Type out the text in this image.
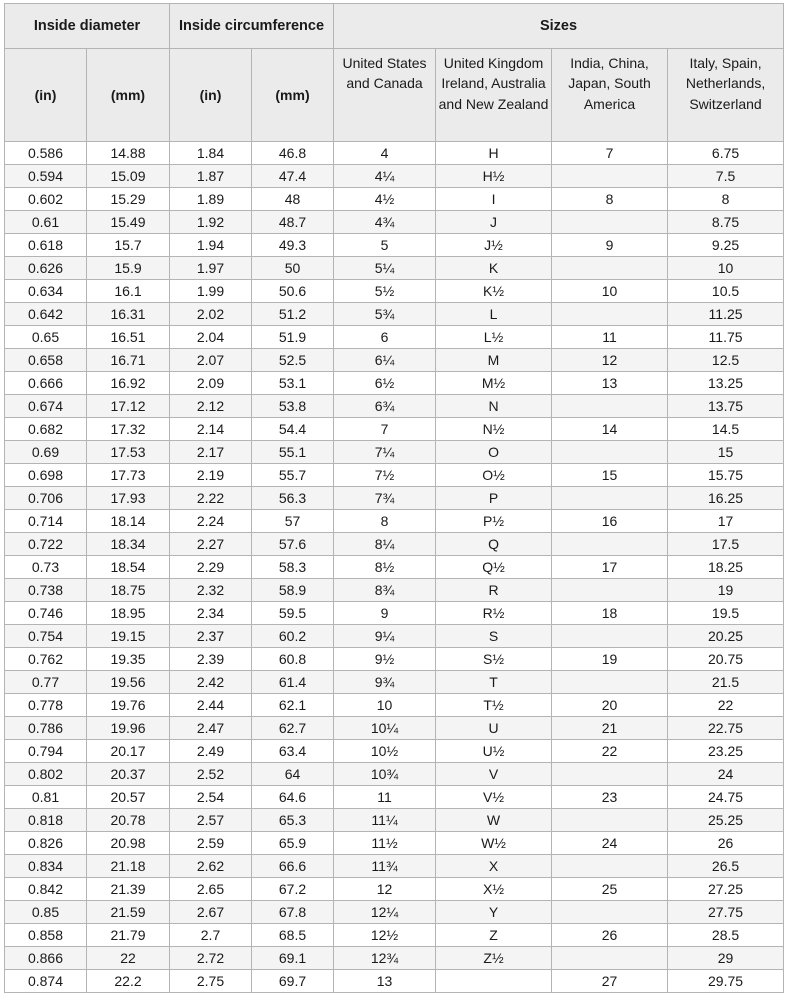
Inside diameter		Inside circumference		Sizes			
(in)	(mm)	(in)	(mm)	United States and Canada	United Kingdom Ireland, Australia and New Zealand	India, China, Japan, South America	Italy, Spain, Netherlands, Switzerland
0.586	14.88	1.84	46.8	4	H	7	6.75
0.594	15.09	1.87	47.4	4¼	H½		7.5
0.602	15.29	1.89	48	4½	I	8	8
0.61	15.49	1.92	48.7	4¾	J		8.75
0.618	15.7	1.94	49.3	5	J½	9	9.25
0.626	15.9	1.97	50	5¼	K		10
0.634	16.1	1.99	50.6	5½	K½	10	10.5
0.642	16.31	2.02	51.2	5¾	L		11.25
0.65	16.51	2.04	51.9	6	L½	11	11.75
0.658	16.71	2.07	52.5	6¼	M	12	12.5
0.666	16.92	2.09	53.1	6½	M½	13	13.25
0.674	17.12	2.12	53.8	6¾	N		13.75
0.682	17.32	2.14	54.4	7	N½	14	14.5
0.69	17.53	2.17	55.1	7¼	O		15
0.698	17.73	2.19	55.7	7½	O½	15	15.75
0.706	17.93	2.22	56.3	7¾	P		16.25
0.714	18.14	2.24	57	8	P½	16	17
0.722	18.34	2.27	57.6	8¼	Q		17.5
0.73	18.54	2.29	58.3	8½	Q½	17	18.25
0.738	18.75	2.32	58.9	8¾	R		19
0.746	18.95	2.34	59.5	9	R½	18	19.5
0.754	19.15	2.37	60.2	9¼	S		20.25
0.762	19.35	2.39	60.8	9½	S½	19	20.75
0.77	19.56	2.42	61.4	9¾	T		21.5
0.778	19.76	2.44	62.1	10	T½	20	22
0.786	19.96	2.47	62.7	10¼	U	21	22.75
0.794	20.17	2.49	63.4	10½	U½	22	23.25
0.802	20.37	2.52	64	10¾	V		24
0.81	20.57	2.54	64.6	11	V½	23	24.75
0.818	20.78	2.57	65.3	11¼	W		25.25
0.826	20.98	2.59	65.9	11½	W½	24	26
0.834	21.18	2.62	66.6	11¾	X		26.5
0.842	21.39	2.65	67.2	12	X½	25	27.25
0.85	21.59	2.67	67.8	12¼	Y		27.75
0.858	21.79	2.7	68.5	12½	Z	26	28.5
0.866	22	2.72	69.1	12¾	Z½		29
0.874	22.2	2.75	69.7	13		27	29.75
